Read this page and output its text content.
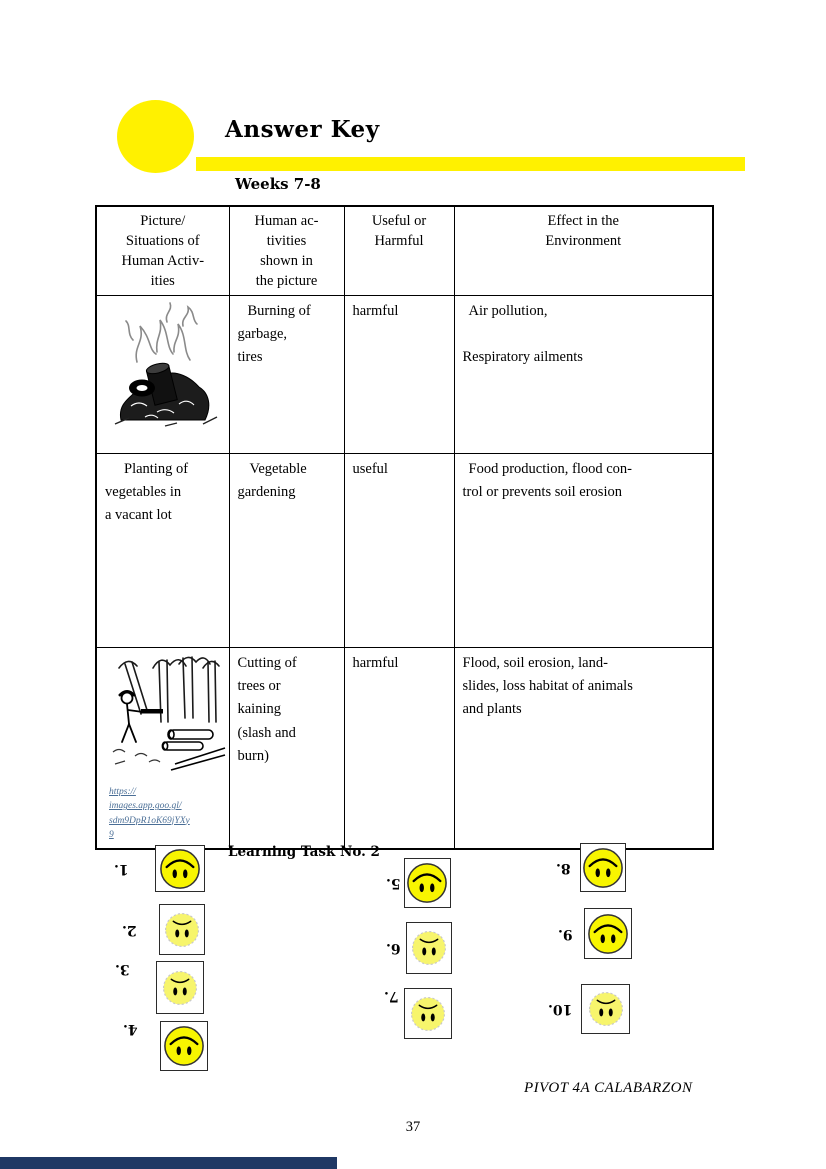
Answer Key
Weeks 7-8
Picture/
Situations of
Human Activ-
ities	Human ac-
tivities
shown in
the picture	Useful or
Harmful	Effect in the
Environment
	Burning of
garbage,
tires	harmful	Air pollution,

Respiratory ailments
Planting of
vegetables in
a vacant lot	Vegetable
gardening	useful	Food production, flood con-
trol or prevents soil erosion

https://
images.app.goo.gl/
sdm9DpR1oK69jYXy
9	Cutting of
trees or
kaining
(slash and
burn)	harmful	Flood, soil erosion, land-
slides, loss habitat of animals
and plants
Learning Task No. 2
1.
2.
3.
4.
5.
6.
7.
8.
9.
10.
PIVOT 4A CALABARZON
37
